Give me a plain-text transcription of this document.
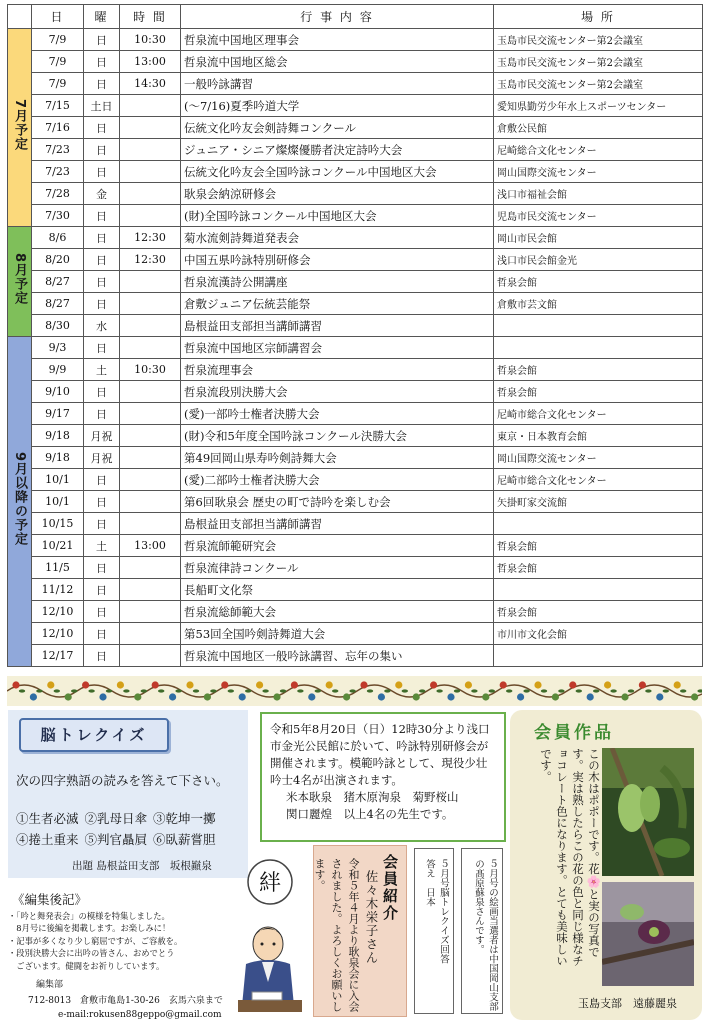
	日	曜	時 間	行 事 内 容	場 所
7月予定	7/9	日	10:30	哲泉流中国地区理事会	玉島市民交流センター第2会議室
	7/9	日	13:00	哲泉流中国地区総会	玉島市民交流センター第2会議室
	7/9	日	14:30	一般吟詠講習	玉島市民交流センター第2会議室
	7/15	土日		(〜7/16)夏季吟道大学	愛知県勤労少年水上スポーツセンター
	7/16	日		伝統文化吟友会剣詩舞コンクール	倉敷公民館
	7/23	日		ジュニア・シニア燦燦優勝者決定詩吟大会	尼崎総合文化センター
	7/23	日		伝統文化吟友会全国吟詠コンクール中国地区大会	岡山国際交流センター
	7/28	金		耿泉会納涼研修会	浅口市福祉会館
	7/30	日		(財)全国吟詠コンクール中国地区大会	児島市民交流センター
8月予定	8/6	日	12:30	菊水流剣詩舞道発表会	岡山市民会館
	8/20	日	12:30	中国五県吟詠特別研修会	浅口市民会館金光
	8/27	日		哲泉流漢詩公開講座	哲泉会館
	8/27	日		倉敷ジュニア伝統芸能祭	倉敷市芸文館
	8/30	水		島根益田支部担当講師講習	
9月以降の予定	9/3	日		哲泉流中国地区宗師講習会	
	9/9	土	10:30	哲泉流理事会	哲泉会館
	9/10	日		哲泉流段別決勝大会	哲泉会館
	9/17	日		(愛)一部吟士権者決勝大会	尼崎市総合文化センター
	9/18	月祝		(財)令和5年度全国吟詠コンクール決勝大会	東京・日本教育会館
	9/18	月祝		第49回岡山県寿吟剣詩舞大会	岡山国際交流センター
	10/1	日		(愛)二部吟士権者決勝大会	尼崎市総合文化センター
	10/1	日		第6回耿泉会 歴史の町で詩吟を楽しむ会	矢掛町家交流館
	10/15	日		島根益田支部担当講師講習	
	10/21	土	13:00	哲泉流師範研究会	哲泉会館
	11/5	日		哲泉流律詩コンクール	哲泉会館
	11/12	日		長船町文化祭	
	12/10	日		哲泉流総師範大会	哲泉会館
	12/10	日		第53回全国吟剣詩舞道大会	市川市文化会館
	12/17	日		哲泉流中国地区一般吟詠講習、忘年の集い	
脳トレクイズ
次の四字熟語の読みを答えて下さい。
①生者必滅 ②乳母日傘 ③乾坤一擲
④捲土重来 ⑤判官贔屓 ⑥臥薪嘗胆
出題 島根益田支部　坂根巓泉
令和5年8月20日（日）12時30分より浅口市金光公民館に於いて、吟詠特別研修会が開催されます。模範吟詠として、現役少壮吟士4名が出演されます。
米本耿泉　猪木原洵泉　菊野桜山
関口麗煌　以上4名の先生です。
《編集後記》
・「吟と舞発表会」の模様を特集しました。
　8月号に後編を掲載します。お楽しみに！
・記事が多くなり少し窮屈ですが、ご容赦を。
・段別決勝大会に出吟の皆さん、おめでとう
　ございます。健闘をお祈りしています。
編集部
712-8013　倉敷市亀島1-30-26　玄馬六泉まで
e-mail:rokusen88geppo@gmail.com
絆	会員紹介
佐々木栄子さん
令和５年４月より耿泉会に入会されました。よろしくお願いします。	５月号脳トレクイズ回答
答え　日本	５月号の絵画当選者は中国岡山支部の髙原蘇泉さんです。
会員作品
この木はポポーです。花🌸と実の写真です。実は熟したらこの花の色と同じ様なチョコレート色になります。とても美味しいです。
玉島支部　遠藤麗泉
